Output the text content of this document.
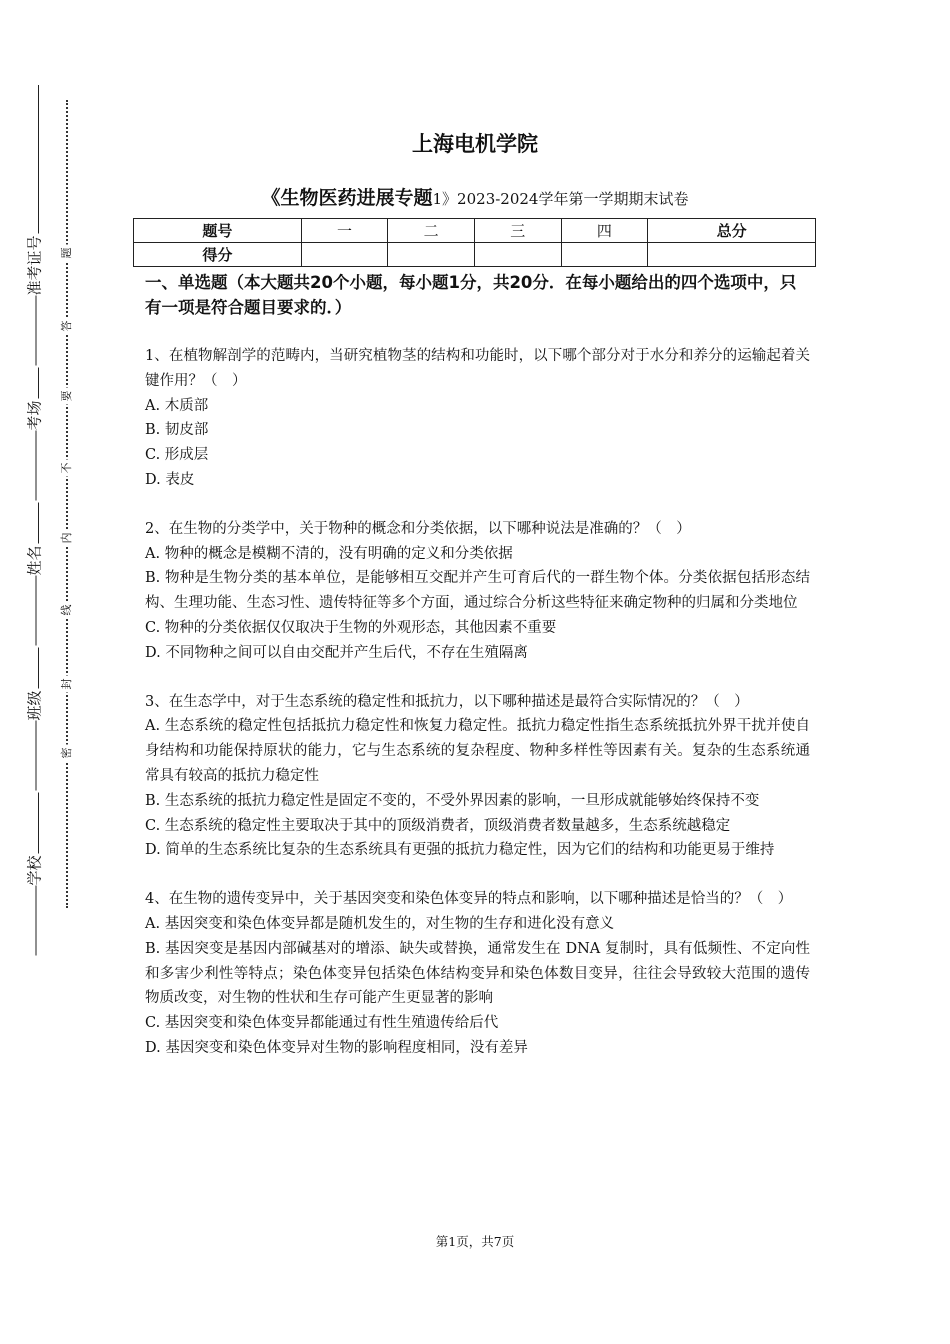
准考证号
考场
姓名
班级
学校
题
答
要
不
内
线
封
密
上海电机学院
《生物医药进展专题1》2023-2024学年第一学期期末试卷
题号	一	二	三	四	总分
得分					
一、单选题（本大题共20个小题，每小题1分，共20分．在每小题给出的四个选项中，只有一项是符合题目要求的．）

1、在植物解剖学的范畴内，当研究植物茎的结构和功能时，以下哪个部分对于水分和养分的运输起着关键作用？（　）

A. 木质部

B. 韧皮部

C. 形成层

D. 表皮

2、在生物的分类学中，关于物种的概念和分类依据，以下哪种说法是准确的？（　）

A. 物种的概念是模糊不清的，没有明确的定义和分类依据

B. 物种是生物分类的基本单位，是能够相互交配并产生可育后代的一群生物个体。分类依据包括形态结构、生理功能、生态习性、遗传特征等多个方面，通过综合分析这些特征来确定物种的归属和分类地位

C. 物种的分类依据仅仅取决于生物的外观形态，其他因素不重要

D. 不同物种之间可以自由交配并产生后代，不存在生殖隔离

3、在生态学中，对于生态系统的稳定性和抵抗力，以下哪种描述是最符合实际情况的？（　）

A. 生态系统的稳定性包括抵抗力稳定性和恢复力稳定性。抵抗力稳定性指生态系统抵抗外界干扰并使自身结构和功能保持原状的能力，它与生态系统的复杂程度、物种多样性等因素有关。复杂的生态系统通常具有较高的抵抗力稳定性

B. 生态系统的抵抗力稳定性是固定不变的，不受外界因素的影响，一旦形成就能够始终保持不变

C. 生态系统的稳定性主要取决于其中的顶级消费者，顶级消费者数量越多，生态系统越稳定

D. 简单的生态系统比复杂的生态系统具有更强的抵抗力稳定性，因为它们的结构和功能更易于维持

4、在生物的遗传变异中，关于基因突变和染色体变异的特点和影响，以下哪种描述是恰当的？（　）

A. 基因突变和染色体变异都是随机发生的，对生物的生存和进化没有意义

B. 基因突变是基因内部碱基对的增添、缺失或替换，通常发生在 DNA 复制时，具有低频性、不定向性和多害少利性等特点；染色体变异包括染色体结构变异和染色体数目变异，往往会导致较大范围的遗传物质改变，对生物的性状和生存可能产生更显著的影响

C. 基因突变和染色体变异都能通过有性生殖遗传给后代

D. 基因突变和染色体变异对生物的影响程度相同，没有差异

第1页，共7页
